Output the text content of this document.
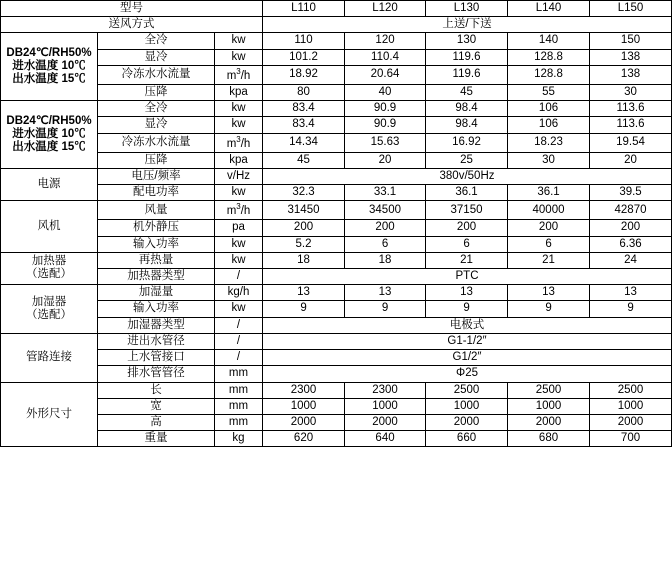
型号			L110	L120	L130	L140	L150
送风方式			上送/下送				

DB24℃/RH50%
进水温度 10℃
出水温度 15℃	全冷	kw	110	120	130	140	150
	显冷	kw	101.2	110.4	119.6	128.8	138
	冷冻水水流量	$m^3/h$	18.92	20.64	119.6	128.8	138
	压降	kpa	80	40	45	55	30

DB24℃/RH50%
进水温度 10℃
出水温度 15℃	全冷	kw	83.4	90.9	98.4	106	113.6
	显冷	kw	83.4	90.9	98.4	106	113.6
	冷冻水水流量	$m^3/h$	14.34	15.63	16.92	18.23	19.54
	压降	kpa	45	20	25	30	20
电源	电压/频率	v/Hz	380v/50Hz				
	配电功率	kw	32.3	33.1	36.1	36.1	39.5
风机	风量	$m^3/h$	31450	34500	37150	40000	42870
	机外静压	pa	200	200	200	200	200
	输入功率	kw	5.2	6	6	6	6.36

加热器
（选配）	再热量	kw	18	18	21	21	24
	加热器类型	/	PTC				

加湿器
（选配）	加湿量	kg/h	13	13	13	13	13
	输入功率	kw	9	9	9	9	9
	加湿器类型	/	电极式				
管路连接	进出水管径	/	G1-1/2″				
	上水管接口	/	G1/2″				
	排水管管径	mm	Φ25				
外形尺寸	长	mm	2300	2300	2500	2500	2500
	宽	mm	1000	1000	1000	1000	1000
	高	mm	2000	2000	2000	2000	2000
	重量	kg	620	640	660	680	700
